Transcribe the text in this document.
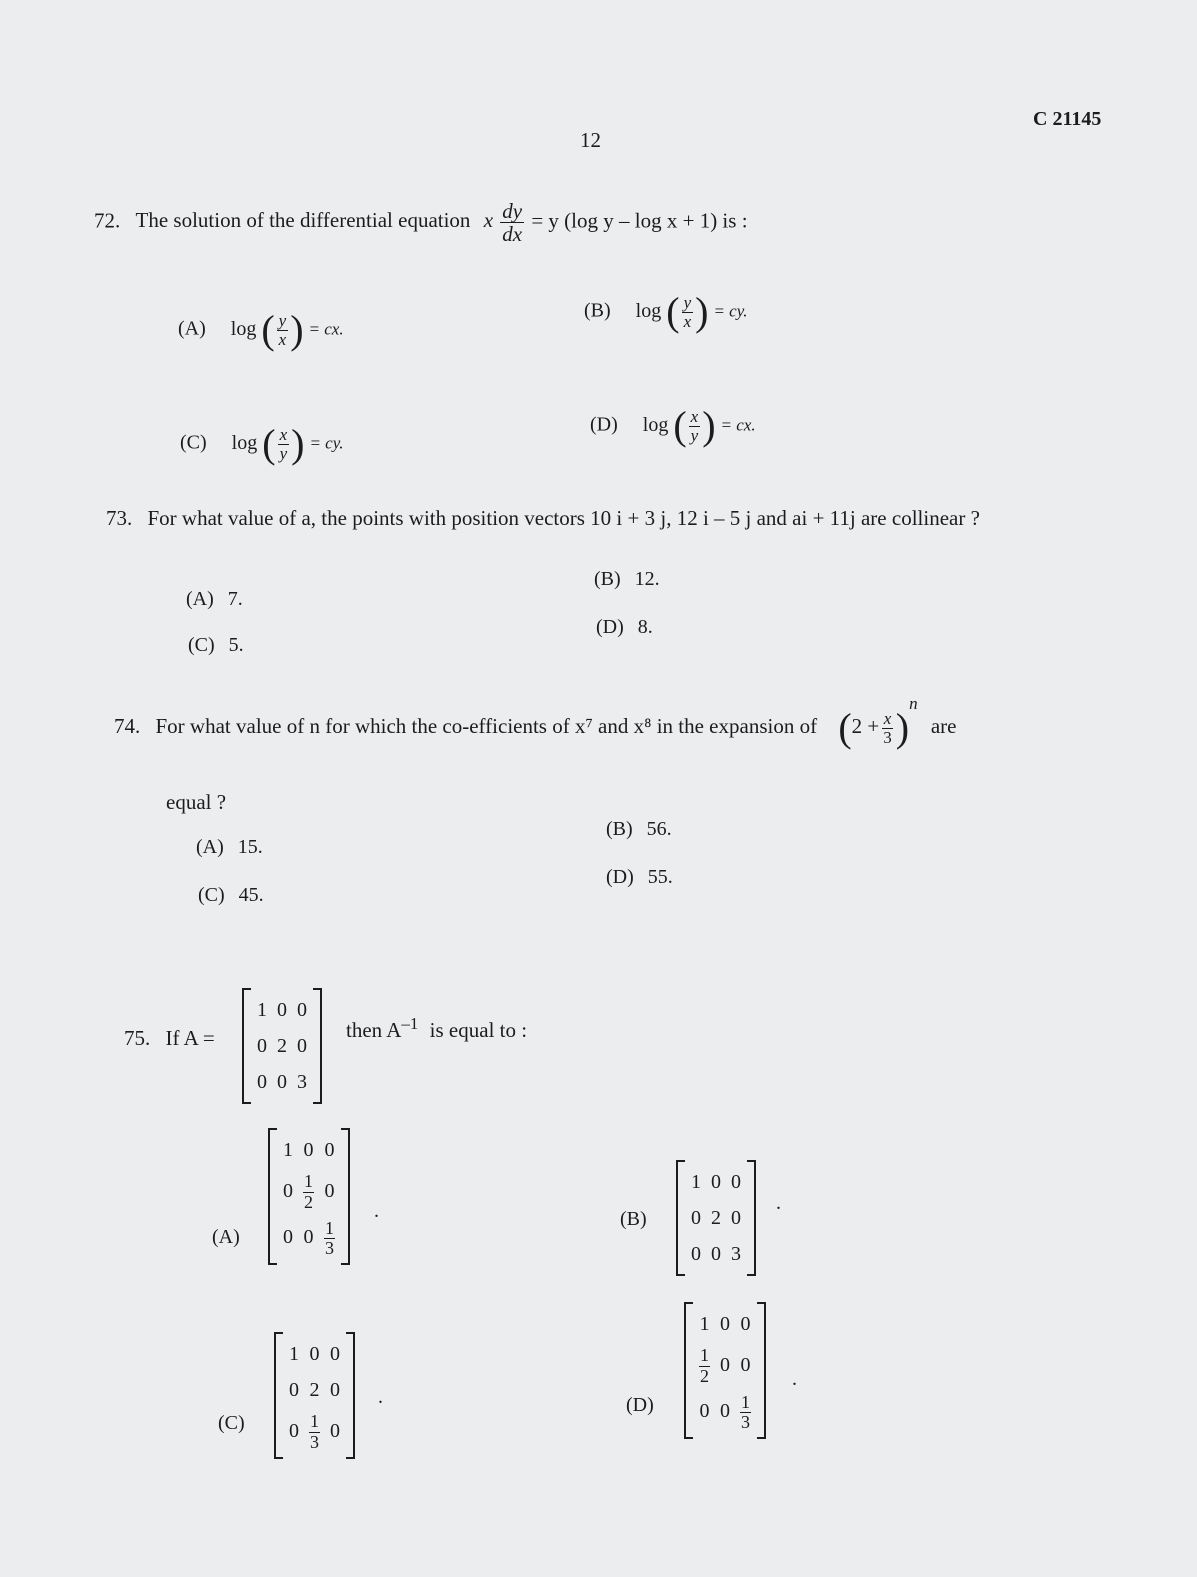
C 21145
12
72. The solution of the differential equation x $\frac{dy}{dx} = y$ (log y – log x + 1) is :
(A) log ( $\frac{y}{x}$ ) = cx.
(B) log ( $\frac{y}{x}$ ) = cy.
(C) log ( $\frac{x}{y}$ ) = cy.
(D) log ( $\frac{x}{y}$ ) = cx.
73. For what value of a, the points with position vectors 10 i + 3 j, 12 i – 5 j and ai + 11j are collinear ?
(A) 7.
(B) 12.
(C) 5.
(D) 8.
74. For what value of n for which the co-efficients of x⁷ and x⁸ in the expansion of $(2 + \frac{x}{3} )^n$ are
equal ?
(A) 15.
(B) 56.
(C) 45.
(D) 55.
75. If A =
1	0	0
0	2	0
0	0	3
then $A^{-1}$ is equal to :
(A)
1	0	0
0	$\frac{1}{2}$	0
0	0	$\frac{1}{3}$
.	(B)
1	0	0
0	2	0
0	0	3
.
(C)
1	0	0
0	2	0
0	$\frac{1}{3}$	0
.	(D)
1	0	0

$\frac{1}{2}$	0	0
0	0	$\frac{1}{3}$
.
